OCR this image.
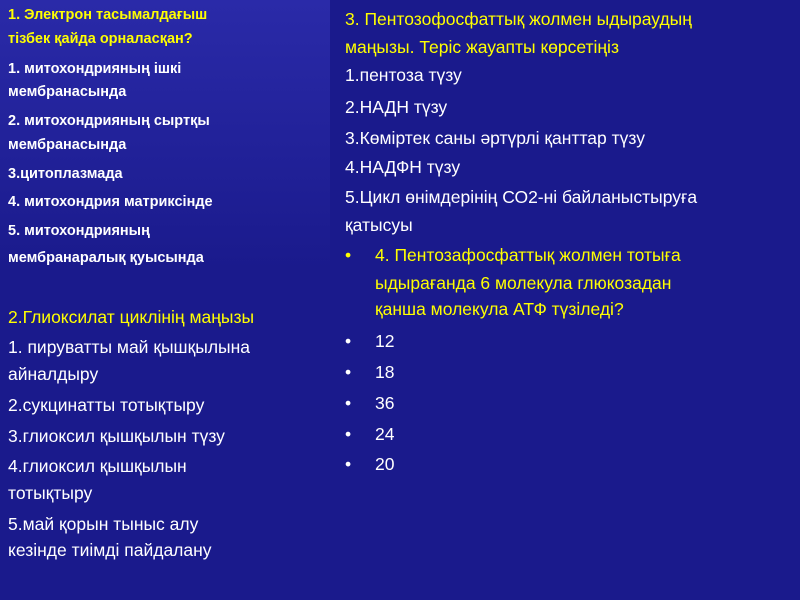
1. Электрон тасымалдағыш
тізбек қайда орналасқан?
1. митохондрияның ішкі
мембранасында
2. митохондрияның сыртқы
мембранасында
3.цитоплазмада
4. митохондрия матриксінде
5. митохондрияның
мембранаралық қуысында
2.Глиоксилат циклінің маңызы
1. пируватты май қышқылына
айналдыру
2.сукцинатты тотықтыру
3.глиоксил қышқылын түзу
4.глиоксил қышқылын
тотықтыру
5.май қорын тыныс алу
кезінде тиімді пайдалану
3. Пентозофосфаттық жолмен ыдыраудың
маңызы. Теріс жауапты көрсетіңіз
1.пентоза түзу
2.НАДН түзу
3.Көміртек саны әртүрлі қанттар түзу
4.НАДФН түзу
5.Цикл өнімдерінің СО2-ні байланыстыруға
қатысуы
• 4. Пентозафосфаттық жолмен тотыға
ыдырағанда 6 молекула глюкозадан
қанша молекула АТФ түзіледі?
• 12
• 18
• 36
• 24
• 20
